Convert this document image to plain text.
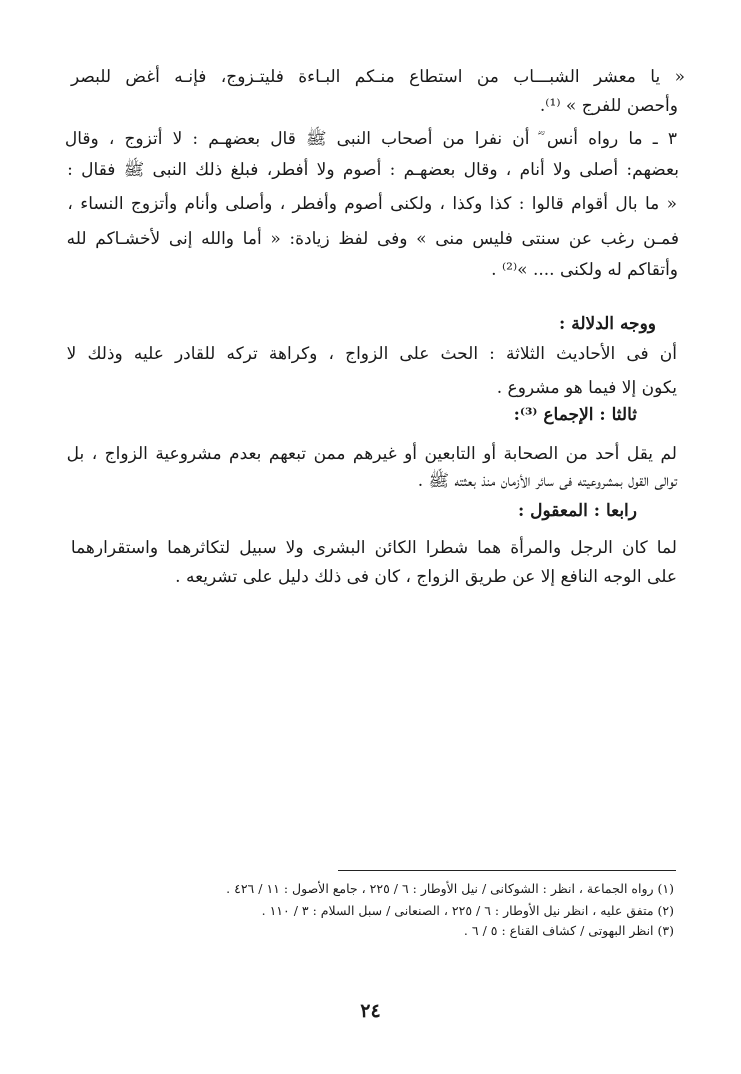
« يا معشر الشبـــاب من استطاع منـكم البـاءة فليتـزوج، فإنـه أغض للبصر
وأحصن للفرج » ⁽¹⁾.
٣ ـ ما رواه أنس ؓ أن نفرا من أصحاب النبى ﷺ قال بعضهـم : لا أتزوج ، وقال
بعضهم: أصلى ولا أنام ، وقال بعضهـم : أصوم ولا أفطر، فبلغ ذلك النبى ﷺ فقال :
« ما بال أقوام قالوا : كذا وكذا ، ولكنى أصوم وأفطر ، وأصلى وأنام وأتزوج النساء ،
فمـن رغب عن سنتى فليس منى » وفى لفظ زيادة: « أما والله إنى لأخشـاكم لله
وأتقاكم له ولكنى .... »⁽²⁾ .
ووجه الدلالة :
أن فى الأحاديث الثلاثة : الحث على الزواج ، وكراهة تركه للقادر عليه وذلك لا
يكون إلا فيما هو مشروع .
ثالثا : الإجماع ⁽³⁾:
لم يقل أحد من الصحابة أو التابعين أو غيرهم ممن تبعهم بعدم مشروعية الزواج ، بل
توالى القول بمشروعيته فى سائر الأزمان منذ بعثته ﷺ .
رابعا : المعقول :
لما كان الرجل والمرأة هما شطرا الكائن البشرى ولا سبيل لتكاثرهما واستقرارهما
على الوجه النافع إلا عن طريق الزواج ، كان فى ذلك دليل على تشريعه .
(١) رواه الجماعة ، انظر : الشوكانى / نيل الأوطار : ٦ / ٢٢٥ ، جامع الأصول : ١١ / ٤٢٦ .
(٢) متفق عليه ، انظر نيل الأوطار : ٦ / ٢٢٥ ، الصنعانى / سبل السلام : ٣ / ١١٠ .
(٣) انظر البهوتى / كشاف القناع : ٥ / ٦ .
٢٤
